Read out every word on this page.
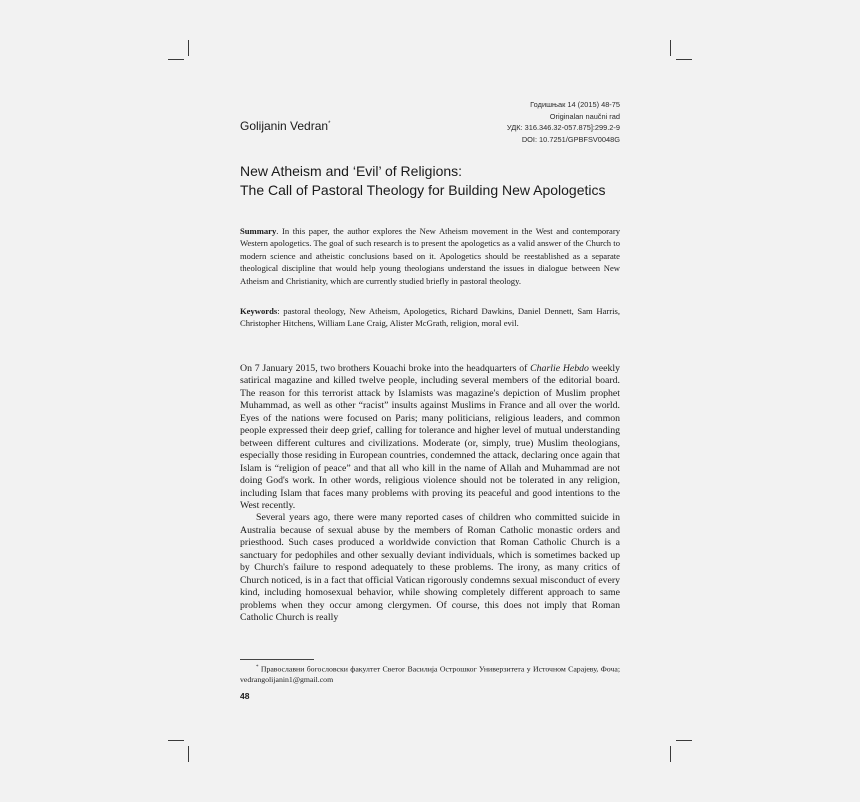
Годишњак 14 (2015) 48-75
Originalan naučni rad
УДК: 316.346.32-057.875]:299.2-9
DOI: 10.7251/GPBFSV0048G
Golijanin Vedran*
New Atheism and ‘Evil’ of Religions:
The Call of Pastoral Theology for Building New Apologetics

Summary. In this paper, the author explores the New Atheism movement in the West and contemporary Western apologetics. The goal of such research is to present the apologetics as a valid answer of the Church to modern science and atheistic conclusions based on it. Apologetics should be reestablished as a separate theological discipline that would help young theologians understand the issues in dialogue between New Atheism and Christianity, which are currently studied briefly in pastoral theology.

Keywords: pastoral theology, New Atheism, Apologetics, Richard Dawkins, Daniel Dennett, Sam Harris, Christopher Hitchens, William Lane Craig, Alister McGrath, religion, moral evil.

On 7 January 2015, two brothers Kouachi broke into the headquarters of Charlie Hebdo weekly satirical magazine and killed twelve people, including several members of the editorial board. The reason for this terrorist attack by Islamists was magazine's depiction of Muslim prophet Muhammad, as well as other “racist” insults against Muslims in France and all over the world. Eyes of the nations were focused on Paris; many politicians, religious leaders, and common people expressed their deep grief, calling for tolerance and higher level of mutual understanding between different cultures and civilizations. Moderate (or, simply, true) Muslim theologians, especially those residing in European countries, condemned the attack, declaring once again that Islam is “religion of peace” and that all who kill in the name of Allah and Muhammad are not doing God's work. In other words, religious violence should not be tolerated in any religion, including Islam that faces many problems with proving its peaceful and good intentions to the West recently.

Several years ago, there were many reported cases of children who committed suicide in Australia because of sexual abuse by the members of Roman Catholic monastic orders and priesthood. Such cases produced a worldwide conviction that Roman Catholic Church is a sanctuary for pedophiles and other sexually deviant individuals, which is sometimes backed up by Church's failure to respond adequately to these problems. The irony, as many critics of Church noticed, is in a fact that official Vatican rigorously condemns sexual misconduct of every kind, including homosexual behavior, while showing completely different approach to same problems when they occur among clergymen. Of course, this does not imply that Roman Catholic Church is really

* Православни богословски факултет Светог Василија Острошког Универзитета у Источном Сарајеву, Фоча; vedrangolijanin1@gmail.com

48
